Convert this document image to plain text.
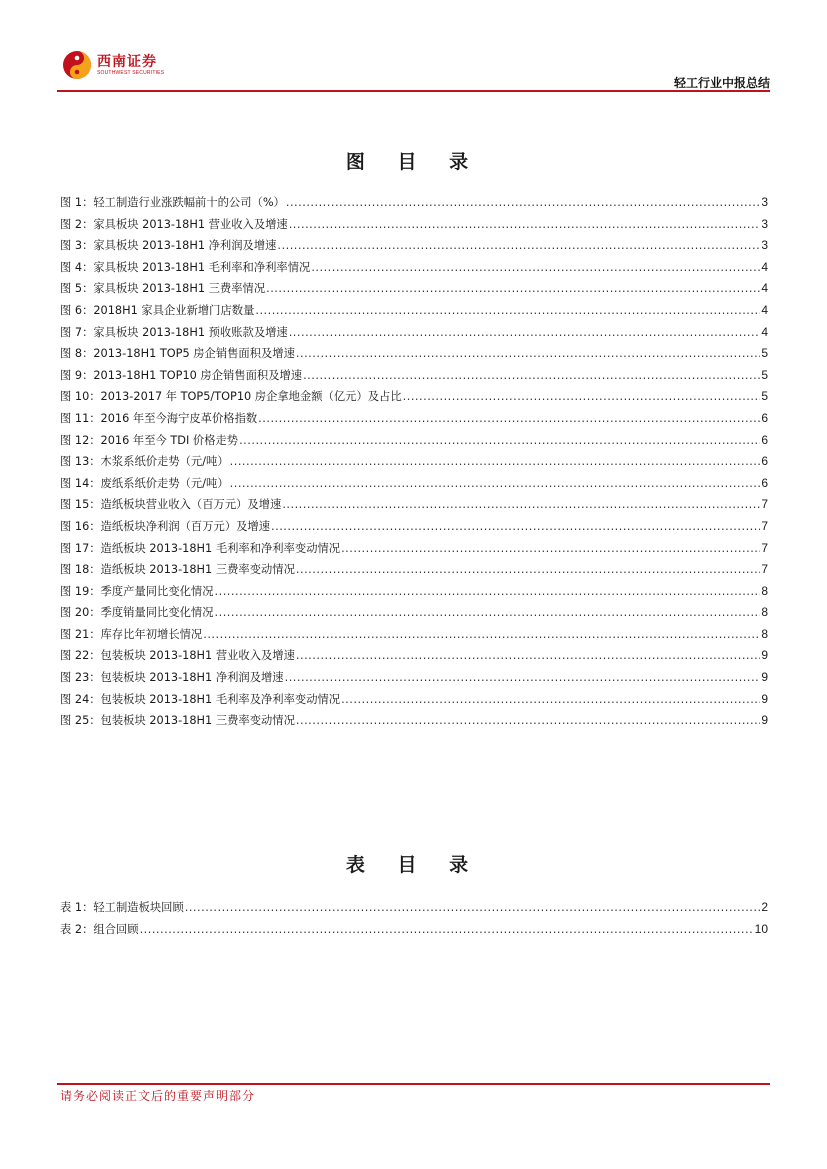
西南证券
SOUTHWEST SECURITIES
轻工行业中报总结
图 目 录
图 1：轻工制造行业涨跌幅前十的公司（%） .....	3
图 2：家具板块 2013-18H1 营业收入及增速 .....	3
图 3：家具板块 2013-18H1 净利润及增速 .....	3
图 4：家具板块 2013-18H1 毛利率和净利率情况 .....	4
图 5：家具板块 2013-18H1 三费率情况 .....	4
图 6：2018H1 家具企业新增门店数量 .....	4
图 7：家具板块 2013-18H1 预收账款及增速 .....	4
图 8：2013-18H1 TOP5 房企销售面积及增速 .....	5
图 9：2013-18H1 TOP10 房企销售面积及增速 .....	5
图 10：2013-2017 年 TOP5/TOP10 房企拿地金额（亿元）及占比 .....	5
图 11：2016 年至今海宁皮革价格指数 .....	6
图 12：2016 年至今 TDI 价格走势 .....	6
图 13：木浆系纸价走势（元/吨） .....	6
图 14：废纸系纸价走势（元/吨） .....	6
图 15：造纸板块营业收入（百万元）及增速 .....	7
图 16：造纸板块净利润（百万元）及增速 .....	7
图 17：造纸板块 2013-18H1 毛利率和净利率变动情况 .....	7
图 18：造纸板块 2013-18H1 三费率变动情况 .....	7
图 19：季度产量同比变化情况 .....	8
图 20：季度销量同比变化情况 .....	8
图 21：库存比年初增长情况 .....	8
图 22：包装板块 2013-18H1 营业收入及增速 .....	9
图 23：包装板块 2013-18H1 净利润及增速 .....	9
图 24：包装板块 2013-18H1 毛利率及净利率变动情况 .....	9
图 25：包装板块 2013-18H1 三费率变动情况 .....	9
表 目 录
表 1：轻工制造板块回顾 .....	2
表 2：组合回顾 .....	10
请务必阅读正文后的重要声明部分
